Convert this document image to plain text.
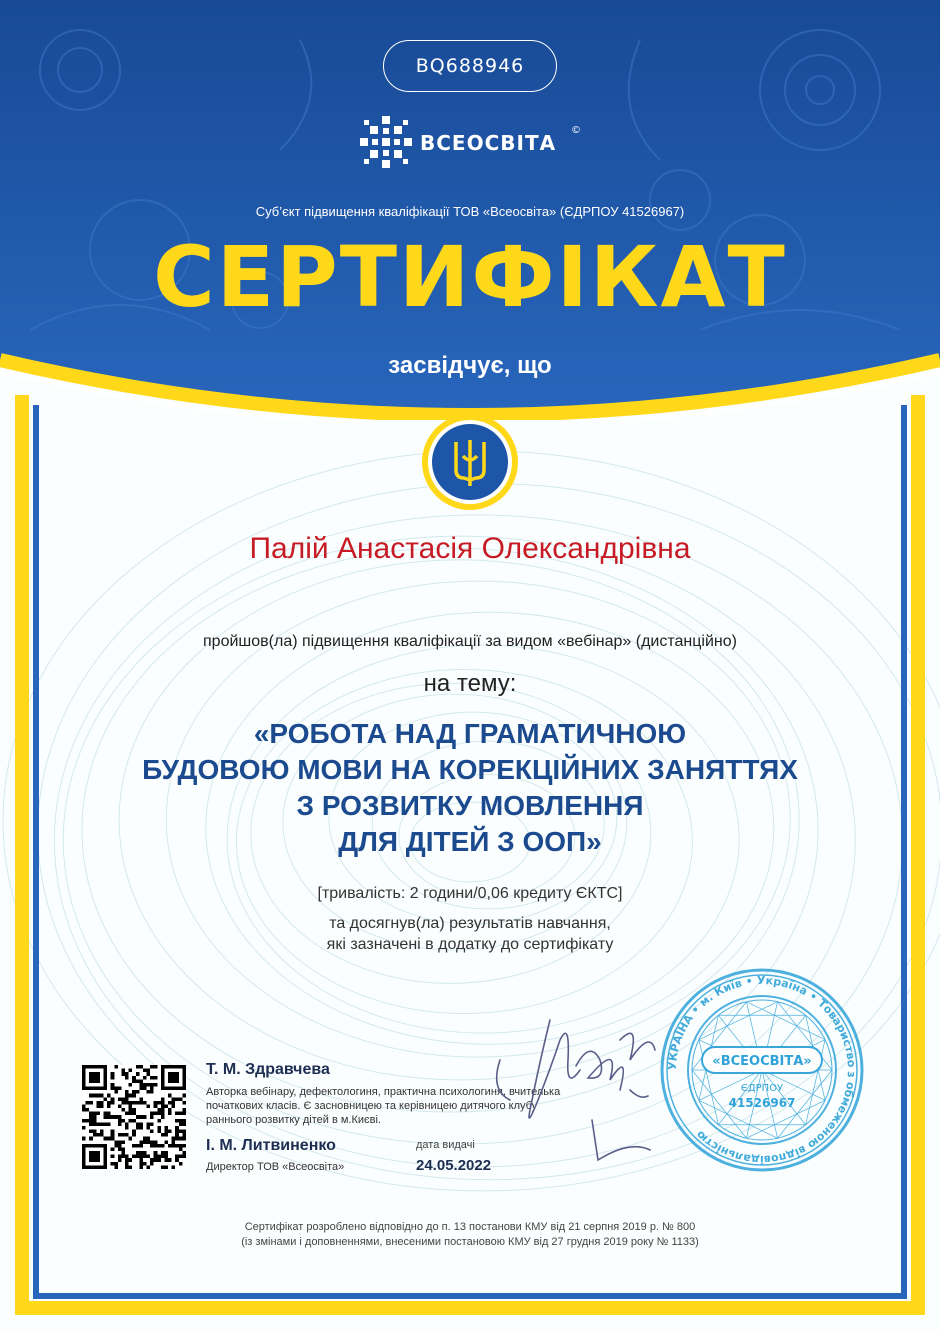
BQ688946
ВСЕОСВІТА
©
Суб’єкт підвищення кваліфікації ТОВ «Всеосвіта» (ЄДРПОУ 41526967)
СЕРТИФІКАТ
засвідчує, що
Палій Анастасія Олександрівна
пройшов(ла) підвищення кваліфікації за видом «вебінар» (дистанційно)
на тему:
«РОБОТА НАД ГРАМАТИЧНОЮ
БУДОВОЮ МОВИ НА КОРЕКЦІЙНИХ ЗАНЯТТЯХ
З РОЗВИТКУ МОВЛЕННЯ
ДЛЯ ДІТЕЙ З ООП»
[тривалість: 2 години/0,06 кредиту ЄКТС]
та досягнув(ла) результатів навчання,
які зазначені в додатку до сертифікату
Т. М. Здравчева
Авторка вебінару, дефектологиня, практична психологиня, вчителька початкових класів. Є засновницею та керівницею дитячого клубу раннього розвитку дітей в м.Києві.
І. М. Литвиненко
Директор ТОВ «Всеосвіта»
дата видачі
24.05.2022
УКРАЇНА • м. Київ • Україна • Товариство з обмеженою відповідальністю
«ВСЕОСВІТА»
ЄДРПОУ
41526967
Сертифікат розроблено відповідно до п. 13 постанови КМУ від 21 серпня 2019 р. № 800
(із змінами і доповненнями, внесеними постановою КМУ від 27 грудня 2019 року № 1133)
